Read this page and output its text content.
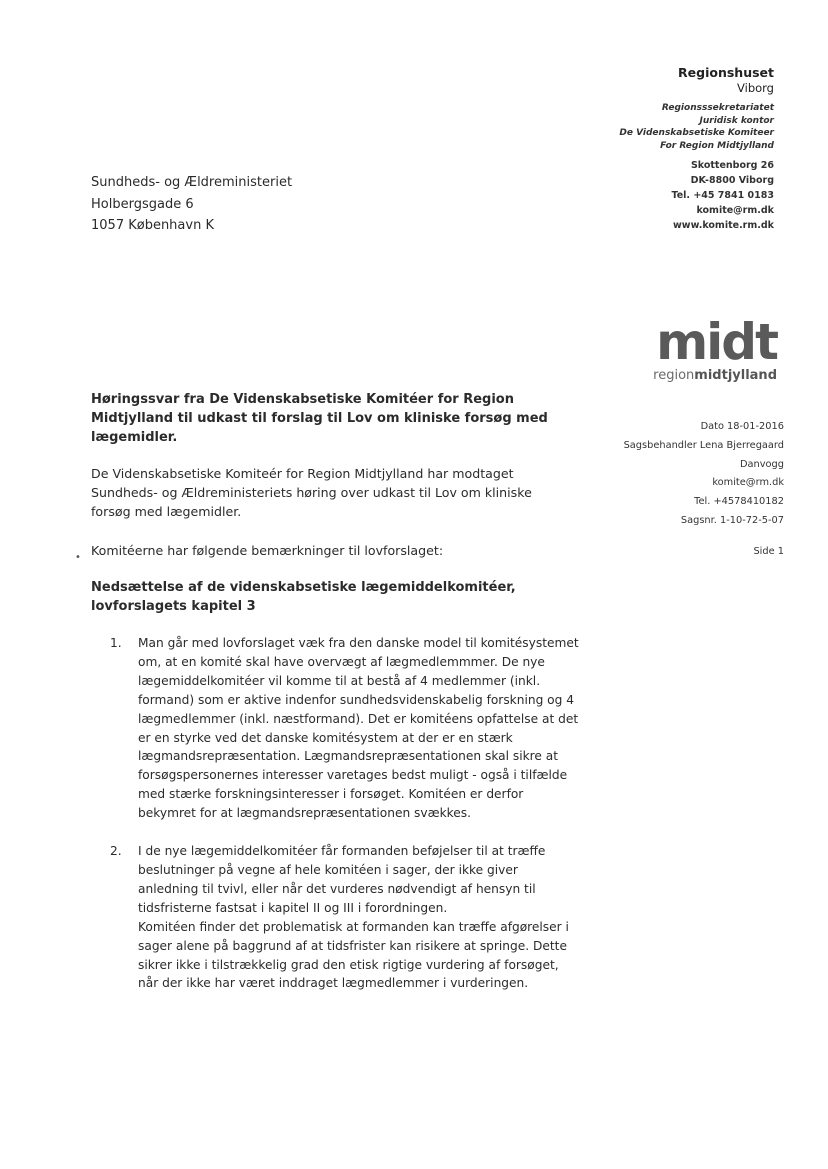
Regionshuset
Viborg
Regionsssekretariatet
Juridisk kontor
De Videnskabsetiske Komiteer
For Region Midtjylland
Skottenborg 26
DK-8800 Viborg
Tel. +45 7841 0183
komite@rm.dk
www.komite.rm.dk
Sundheds- og Ældreministeriet
Holbergsgade 6
1057 København K
midt
regionmidtjylland
Dato 18-01-2016
Sagsbehandler Lena Bjerregaard
Danvogg
komite@rm.dk
Tel. +4578410182
Sagsnr. 1-10-72-5-07
Side 1
Høringssvar fra De Videnskabsetiske Komitéer for Region Midtjylland til udkast til forslag til Lov om kliniske forsøg med lægemidler.
De Videnskabsetiske Komiteér for Region Midtjylland har modtaget Sundheds- og Ældreministeriets høring over udkast til Lov om kliniske forsøg med lægemidler.
• Komitéerne har følgende bemærkninger til lovforslaget:
Nedsættelse af de videnskabsetiske lægemiddelkomitéer, lovforslagets kapitel 3
1. Man går med lovforslaget væk fra den danske model til komitésystemet om, at en komité skal have overvægt af lægmedlemmmer. De nye lægemiddelkomitéer vil komme til at bestå af 4 medlemmer (inkl. formand) som er aktive indenfor sundhedsvidenskabelig forskning og 4 lægmedlemmer (inkl. næstformand). Det er komitéens opfattelse at det er en styrke ved det danske komitésystem at der er en stærk lægmandsrepræsentation. Lægmandsrepræsentationen skal sikre at forsøgspersonernes interesser varetages bedst muligt - også i tilfælde med stærke forskningsinteresser i forsøget. Komitéen er derfor bekymret for at lægmandsrepræsentationen svækkes.

2. I de nye lægemiddelkomitéer får formanden beføjelser til at træffe beslutninger på vegne af hele komitéen i sager, der ikke giver anledning til tvivl, eller når det vurderes nødvendigt af hensyn til tidsfristerne fastsat i kapitel II og III i forordningen.

Komitéen finder det problematisk at formanden kan træffe afgørelser i sager alene på baggrund af at tidsfrister kan risikere at springe. Dette sikrer ikke i tilstrækkelig grad den etisk rigtige vurdering af forsøget, når der ikke har været inddraget lægmedlemmer i vurderingen.
